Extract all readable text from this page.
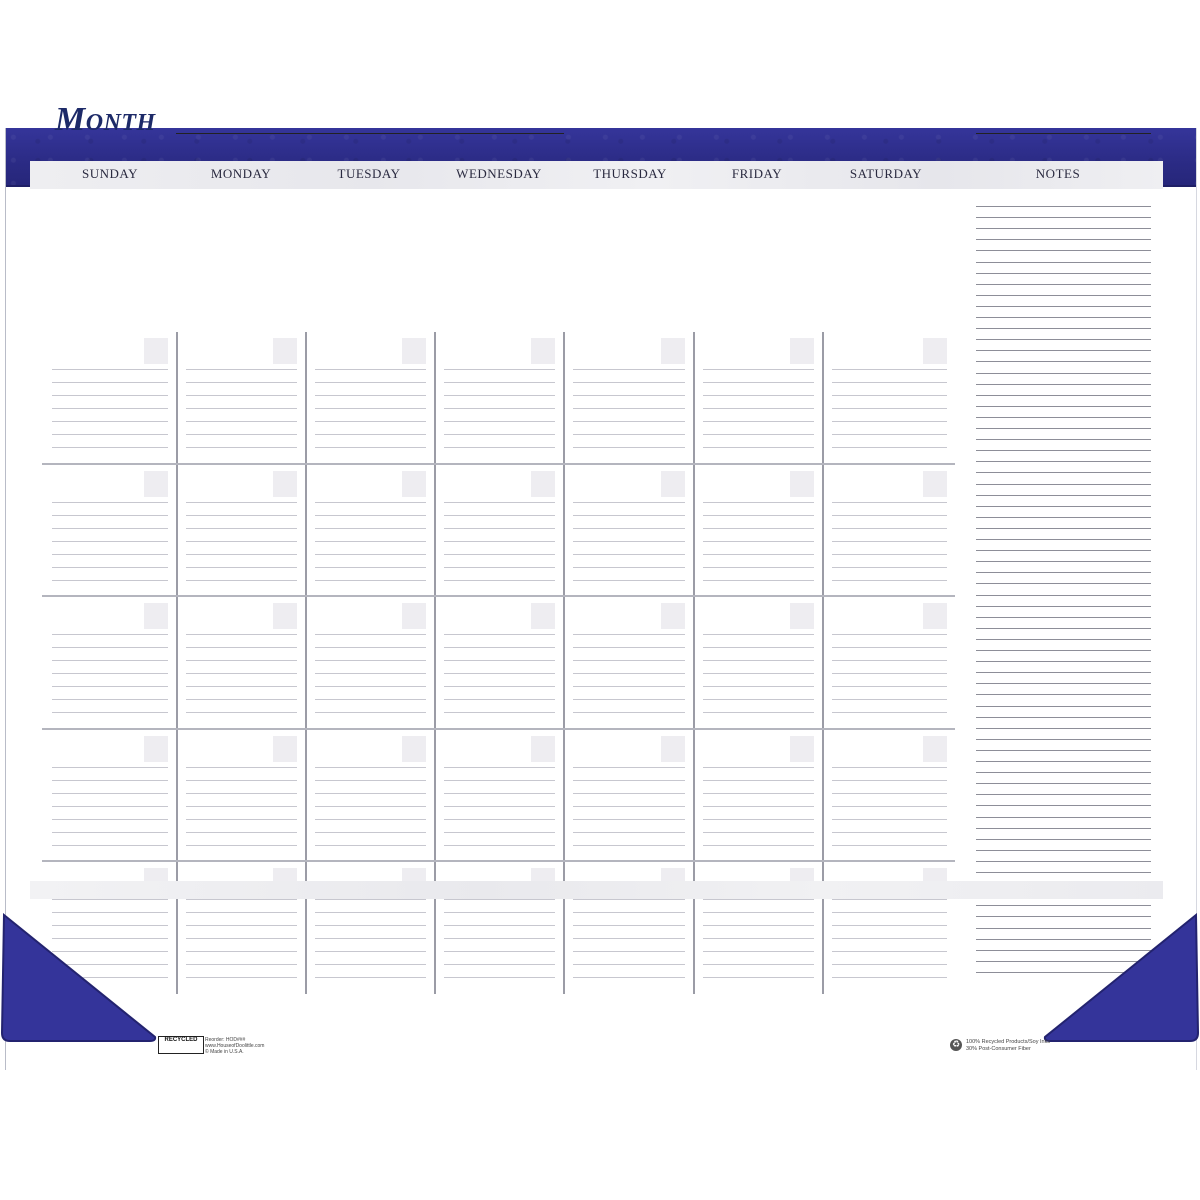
Month
SUNDAY	MONDAY	TUESDAY	WEDNESDAY	THURSDAY	FRIDAY	SATURDAY	NOTES
RECYCLED	Reorder: HOD###
www.HouseofDoolittle.com
© Made in U.S.A.
♻	100% Recycled Products/Soy Inks
30% Post-Consumer Fiber
